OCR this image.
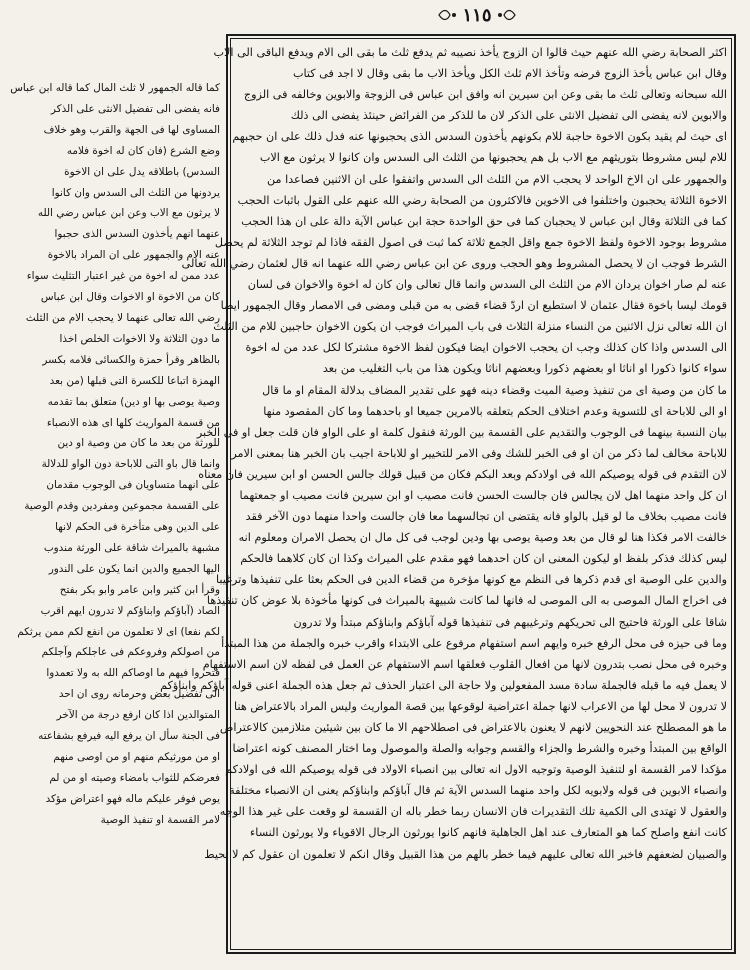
١١٥
اكثر الصحابة رضي الله عنهم حيث قالوا ان الزوج يأخذ نصيبه ثم يدفع ثلث ما بقى الى الام ويدفع الباقى الى الاب
وقال ابن عباس يأخذ الزوج فرضه وتأخذ الام ثلث الكل ويأخذ الاب ما بقى وقال لا اجد فى كتاب
الله سبحانه وتعالى ثلث ما بقى وعن ابن سيرين انه وافق ابن عباس فى الزوجة والابوين وخالفه فى الزوج
والابوين لانه يفضى الى تفضيل الانثى على الذكر لان ما للذكر من الفرائض حينئذ يفضى الى ذلك
اى حيث لم يقيد بكون الاخوة حاجبة للام بكونهم يأخذون السدس الذى يحجبونها عنه فدل ذلك على ان حجبهم
للام ليس مشروطا بتوريثهم مع الاب بل هم يحجبونها من الثلث الى السدس وان كانوا لا يرثون مع الاب
والجمهور على ان الاخ الواحد لا يحجب الام من الثلث الى السدس واتفقوا على ان الاثنين فصاعدا من
الاخوة الثلاثة يحجبون واختلفوا فى الاخوين فالاكثرون من الصحابة رضي الله عنهم على القول باثبات الحجب
كما فى الثلاثة وقال ابن عباس لا يحجبان كما فى حق الواحدة حجة ابن عباس الآية دالة على ان هذا الحجب
مشروط بوجود الاخوة ولفظ الاخوة جمع واقل الجمع ثلاثة كما ثبت فى اصول الفقه فاذا لم توجد الثلاثة لم يحصل
الشرط فوجب ان لا يحصل المشروط وهو الحجب وروى عن ابن عباس رضي الله عنهما انه قال لعثمان رضي الله تعالى
عنه لم صار اخوان يردان الام من الثلث الى السدس وانما قال تعالى وان كان له اخوة والاخوان فى لسان
قومك ليسا باخوة فقال عثمان لا استطيع ان اردّ قضاء قضى به من قبلى ومضى فى الامصار وقال الجمهور ايضا
ان الله تعالى نزل الاثنين من النساء منزلة الثلاث فى باب الميراث فوجب ان يكون الاخوان حاجبين للام من الثلث
الى السدس واذا كان كذلك وجب ان يحجب الاخوان ايضا فيكون لفظ الاخوة مشتركا لكل عدد من له اخوة
سواء كانوا ذكورا او اناثا او بعضهم ذكورا وبعضهم اناثا ويكون هذا من باب التغليب من بعد
ما كان من وصية اى من تنفيذ وصية الميت وقضاء دينه فهو على تقدير المضاف بدلالة المقام او ما قال
او الى للاباحة اى للتسوية وعدم اختلاف الحكم بتعلقه بالامرين جميعا او باحدهما وما كان المقصود منها
بيان النسبة بينهما فى الوجوب والتقديم على القسمة بين الورثة فنقول كلمة او على الواو فان قلت جعل او فى الخبر
للاباحة مخالف لما ذكر من ان او فى الخبر للشك وفى الامر للتخيير او للاباحة اجيب بان الخبر هنا بمعنى الامر
لان التقدم فى قوله يوصيكم الله فى اولادكم وبعد البكم فكان من قبيل قولك جالس الحسن او ابن سيرين فان معناه
ان كل واحد منهما اهل لان يجالس فان جالست الحسن فانت مصيب او ابن سيرين فانت مصيب او جمعتهما
فانت مصيب بخلاف ما لو قيل بالواو فانه يقتضى ان تجالسهما معا فان جالست واحدا منهما دون الآخر فقد
خالفت الامر فكذا هنا لو قال من بعد وصية يوصى بها ودين لوجب فى كل مال ان يحصل الامران ومعلوم انه
ليس كذلك فذكر بلفظ او ليكون المعنى ان كان احدهما فهو مقدم على الميراث وكذا ان كان كلاهما فالحكم
والدين على الوصية اى قدم ذكرها فى النظم مع كونها مؤخرة من قضاء الدين فى الحكم بعثا على تنفيذها وترغيبا
فى اخراج المال الموصى به الى الموصى له فانها لما كانت شبيهة بالميراث فى كونها مأخوذة بلا عوض كان تنفيذها
شاقا على الورثة فاحتيج الى تحريكهم وترغيبهم فى تنفيذها قوله آباؤكم وابناؤكم مبتدأ ولا تدرون
وما فى حيزه فى محل الرفع خبره وايهم اسم استفهام مرفوع على الابتداء واقرب خبره والجملة من هذا المبتدأ
وخبره فى محل نصب بتدرون لانها من افعال القلوب فعلقها اسم الاستفهام عن العمل فى لفظه لان اسم الاستفهام
لا يعمل فيه ما قبله فالجملة سادة مسد المفعولين ولا حاجة الى اعتبار الحذف ثم جعل هذه الجملة اعنى قوله آباؤكم وابناؤكم
لا تدرون لا محل لها من الاعراب لانها جملة اعتراضية لوقوعها بين قصة المواريث وليس المراد بالاعتراض هنا
ما هو المصطلح عند النحويين لانهم لا يعنون بالاعتراض فى اصطلاحهم الا ما كان بين شيئين متلازمين كالاعتراض
الواقع بين المبتدأ وخبره والشرط والجزاء والقسم وجوابه والصلة والموصول وما اختار المصنف كونه اعتراضا
مؤكدا لامر القسمة او لتنفيذ الوصية وتوجيه الاول انه تعالى بين انصباء الاولاد فى قوله يوصيكم الله فى اولادكم
وانصباء الابوين فى قوله ولابويه لكل واحد منهما السدس الآية ثم قال آباؤكم وابناؤكم يعنى ان الانصباء مختلفة
والعقول لا تهتدى الى الكمية تلك التقديرات فان الانسان ربما خطر باله ان القسمة لو وقعت على غير هذا الوجه
كانت انفع واصلح كما هو المتعارف عند اهل الجاهلية فانهم كانوا يورثون الرجال الاقوياء ولا يورثون النساء
والصبيان لضعفهم فاخبر الله تعالى عليهم فيما خطر بالهم من هذا القبيل وقال انكم لا تعلمون ان عقول كم لا تحيط
كما قاله الجمهور لا ثلث المال كما قاله ابن عباس
فانه يفضى الى تفضيل الانثى على الذكر
المساوى لها فى الجهة والقرب وهو خلاف
وضع الشرع (فان كان له اخوة فلامه
السدس) باطلاقه يدل على ان الاخوة
يردونها من الثلث الى السدس وان كانوا
لا يرثون مع الاب وعن ابن عباس رضي الله
عنهما انهم يأخذون السدس الذى حجبوا
عنه الام والجمهور على ان المراد بالاخوة
عدد ممن له اخوة من غير اعتبار التثليث سواء
كان من الاخوة او الاخوات وقال ابن عباس
رضي الله تعالى عنهما لا يحجب الام من الثلث
ما دون الثلاثة ولا الاخوات الخلص اخذا
بالظاهر وقرأ حمزة والكسائى فلامه بكسر
الهمزة اتباعا للكسرة التى قبلها (من بعد
وصية يوصى بها او دين) متعلق بما تقدمه
من قسمة المواريث كلها اى هذه الانصباء
للورثة من بعد ما كان من وصية او دين
وانما قال باو التى للاباحة دون الواو للدلالة
على انهما متساويان فى الوجوب مقدمان
على القسمة مجموعين ومفردين وقدم الوصية
على الدين وهى متأخرة فى الحكم لانها
مشبهة بالميراث شاقة على الورثة مندوب
اليها الجميع والدين انما يكون على الندور
وقرأ ابن كثير وابن عامر وابو بكر بفتح
الصاد (آباؤكم وابناؤكم لا تدرون ايهم اقرب
لكم نفعا) اى لا تعلمون من انفع لكم ممن يرثكم
من اصولكم وفروعكم فى عاجلكم وآجلكم
فتحروا فيهم ما اوصاكم الله به ولا تعمدوا
الى تفضيل بعض وحرمانه روى ان احد
المتوالدين اذا كان ارفع درجة من الآخر
فى الجنة سأل ان يرفع اليه فيرفع بشفاعته
او من مورثيكم منهم او من اوصى منهم
فعرضكم للثواب بامضاء وصيته او من لم
يوص فوفر عليكم ماله فهو اعتراض مؤكد
لامر القسمة او تنفيذ الوصية
